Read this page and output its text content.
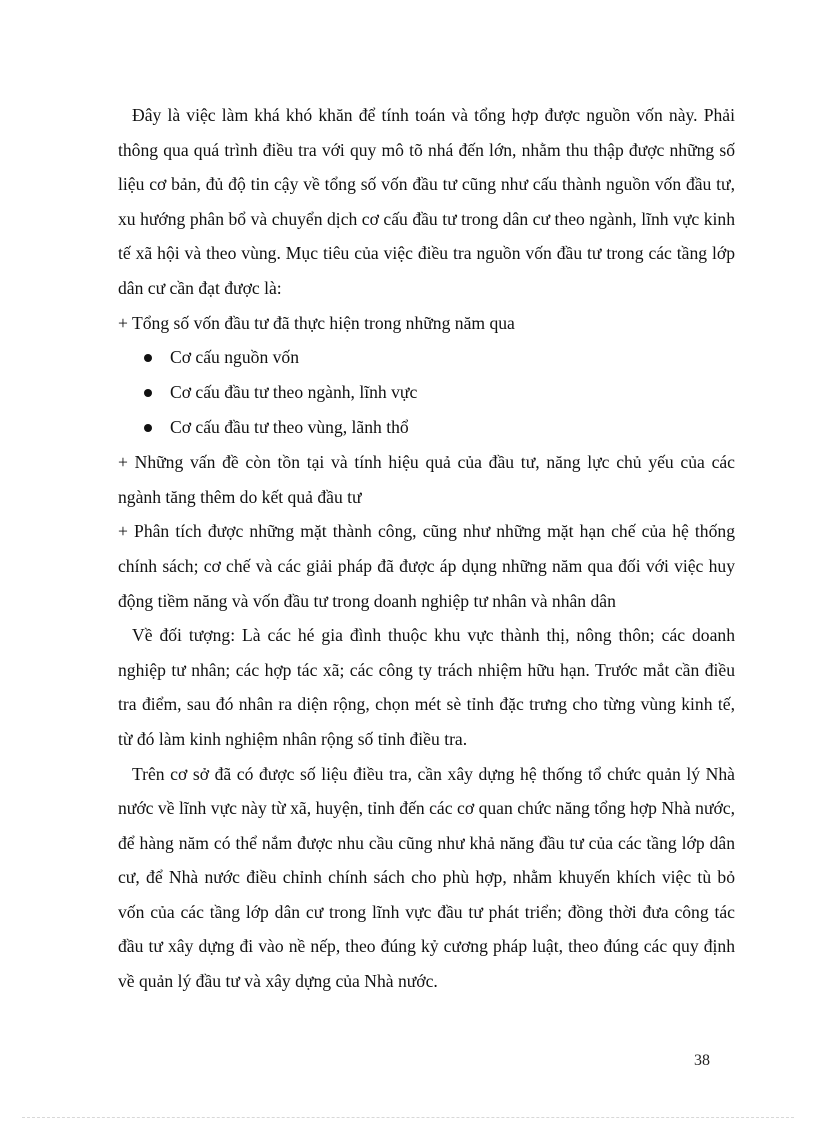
Đây là việc làm khá khó khăn để tính toán và tổng hợp được nguồn vốn này. Phải thông qua quá trình điều tra với quy mô tõ nhá đến lớn, nhằm thu thập được những số liệu cơ bản, đủ độ tin cậy về tổng số vốn đầu tư cũng như cấu thành nguồn vốn đầu tư, xu hướng phân bổ và chuyển dịch cơ cấu đầu tư trong dân cư theo ngành, lĩnh vực kinh tế xã hội và theo vùng. Mục tiêu của việc điều tra nguồn vốn đầu tư trong các tầng lớp dân cư cần đạt được là:

+ Tổng số vốn đầu tư đã thực hiện trong những năm qua

Cơ cấu nguồn vốn
Cơ cấu đầu tư theo ngành, lĩnh vực
Cơ cấu đầu tư theo vùng, lãnh thổ

+ Những vấn đề còn tồn tại và tính hiệu quả của đầu tư, năng lực chủ yếu của các ngành tăng thêm do kết quả đầu tư

+ Phân tích được những mặt thành công, cũng như những mặt hạn chế của hệ thống chính sách; cơ chế và các giải pháp đã được áp dụng những năm qua đối với việc huy động tiềm năng và vốn đầu tư trong doanh nghiệp tư nhân và nhân dân

Về đối tượng: Là các hé gia đình thuộc khu vực thành thị, nông thôn; các doanh nghiệp tư nhân; các hợp tác xã; các công ty trách nhiệm hữu hạn. Trước mắt cần điều tra điểm, sau đó nhân ra diện rộng, chọn mét sè tỉnh đặc trưng cho từng vùng kinh tế, từ đó làm kinh nghiệm nhân rộng số tỉnh điều tra.

Trên cơ sở đã có được số liệu điều tra, cần xây dựng hệ thống tổ chức quản lý Nhà nước về lĩnh vực này từ xã, huyện, tỉnh đến các cơ quan chức năng tổng hợp Nhà nước, để hàng năm có thể nắm được nhu cầu cũng như khả năng đầu tư của các tầng lớp dân cư, để Nhà nước điều chỉnh chính sách cho phù hợp, nhằm khuyến khích việc tù bỏ vốn của các tầng lớp dân cư trong lĩnh vực đầu tư phát triển; đồng thời đưa công tác đầu tư xây dựng đi vào nề nếp, theo đúng kỷ cương pháp luật, theo đúng các quy định về quản lý đầu tư và xây dựng của Nhà nước.

38
